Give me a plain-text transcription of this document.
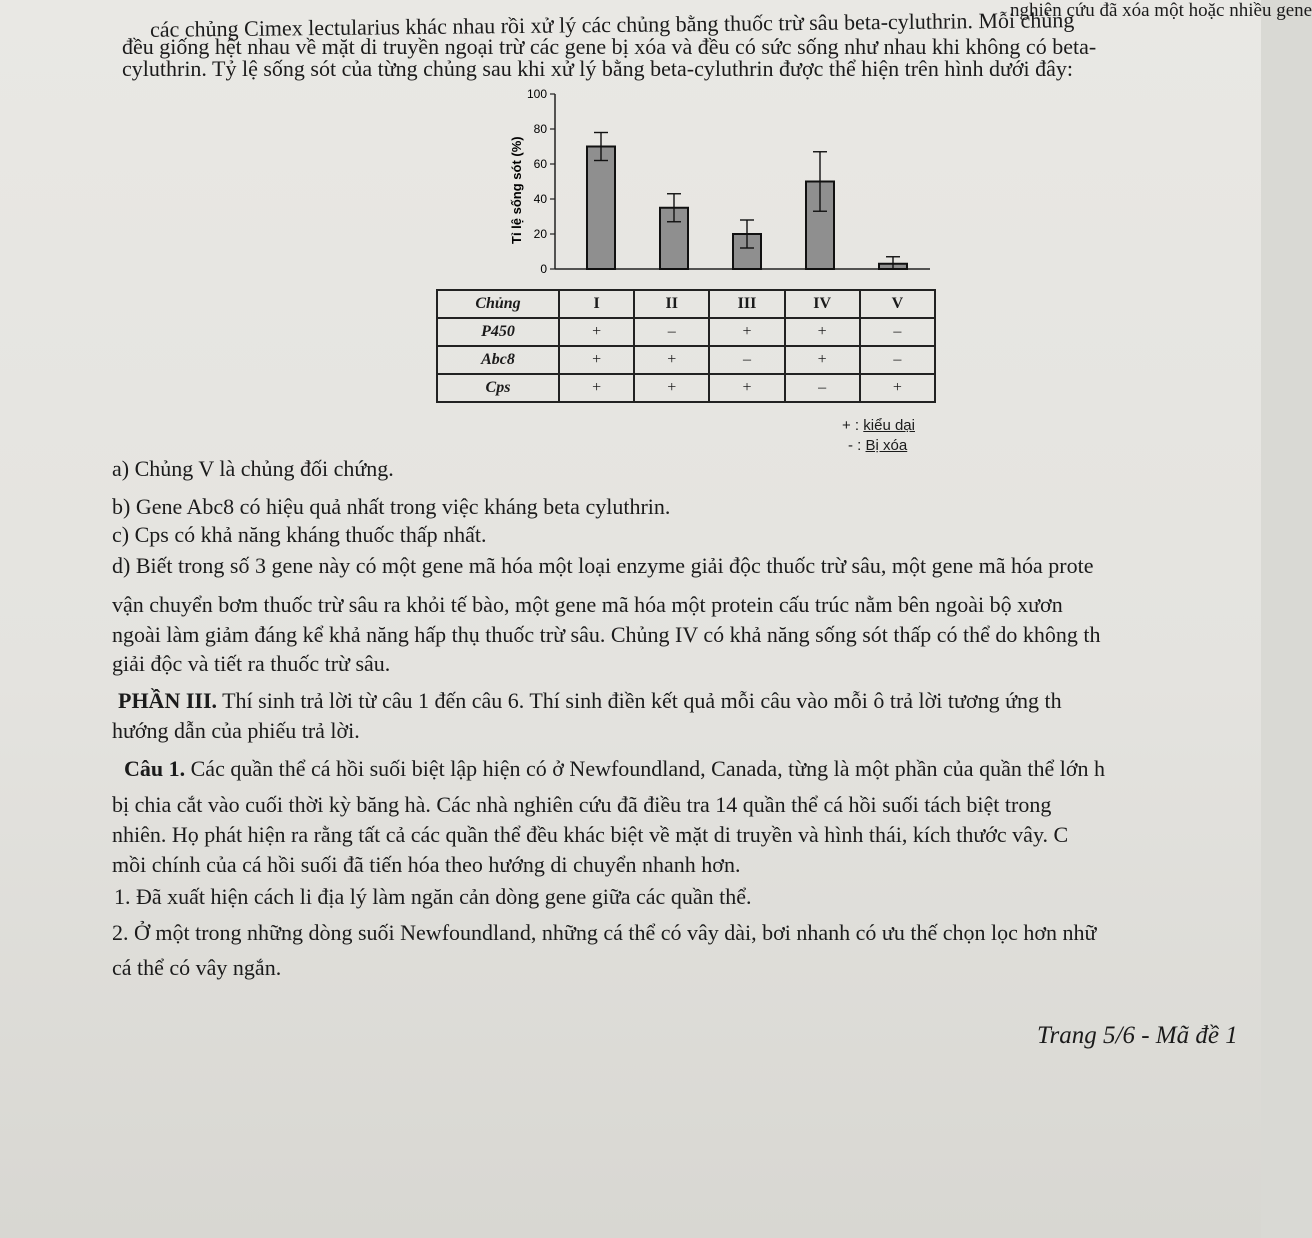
nghiên cứu đã xóa một hoặc nhiều gene
các chủng Cimex lectularius khác nhau rồi xử lý các chủng bằng thuốc trừ sâu beta-cyluthrin. Mỗi chủng
đều giống hệt nhau về mặt di truyền ngoại trừ các gene bị xóa và đều có sức sống như nhau khi không có beta-
cyluthrin. Tỷ lệ sống sót của từng chủng sau khi xử lý bằng beta-cyluthrin được thể hiện trên hình dưới đây:
Tỉ lệ sống sót (%)
100
80
60
40
20
0
Chủng	I	II	III	IV	V
P450	+	–	+	+	–
Abc8	+	+	–	+	–
Cps	+	+	+	–	+
+ : kiểu dại
- : Bị xóa
a) Chủng V là chủng đối chứng.
b) Gene Abc8 có hiệu quả nhất trong việc kháng beta cyluthrin.
c) Cps có khả năng kháng thuốc thấp nhất.
d) Biết trong số 3 gene này có một gene mã hóa một loại enzyme giải độc thuốc trừ sâu, một gene mã hóa prote
vận chuyển bơm thuốc trừ sâu ra khỏi tế bào, một gene mã hóa một protein cấu trúc nằm bên ngoài bộ xươn
ngoài làm giảm đáng kể khả năng hấp thụ thuốc trừ sâu. Chủng IV có khả năng sống sót thấp có thể do không th
giải độc và tiết ra thuốc trừ sâu.
PHẦN III. Thí sinh trả lời từ câu 1 đến câu 6. Thí sinh điền kết quả mỗi câu vào mỗi ô trả lời tương ứng th
hướng dẫn của phiếu trả lời.
Câu 1. Các quần thể cá hồi suối biệt lập hiện có ở Newfoundland, Canada, từng là một phần của quần thể lớn h
bị chia cắt vào cuối thời kỳ băng hà. Các nhà nghiên cứu đã điều tra 14 quần thể cá hồi suối tách biệt trong
nhiên. Họ phát hiện ra rằng tất cả các quần thể đều khác biệt về mặt di truyền và hình thái, kích thước vây. C
mồi chính của cá hồi suối đã tiến hóa theo hướng di chuyển nhanh hơn.
1. Đã xuất hiện cách li địa lý làm ngăn cản dòng gene giữa các quần thể.
2. Ở một trong những dòng suối Newfoundland, những cá thể có vây dài, bơi nhanh có ưu thế chọn lọc hơn nhữ
cá thể có vây ngắn.
Trang 5/6 - Mã đề 1
